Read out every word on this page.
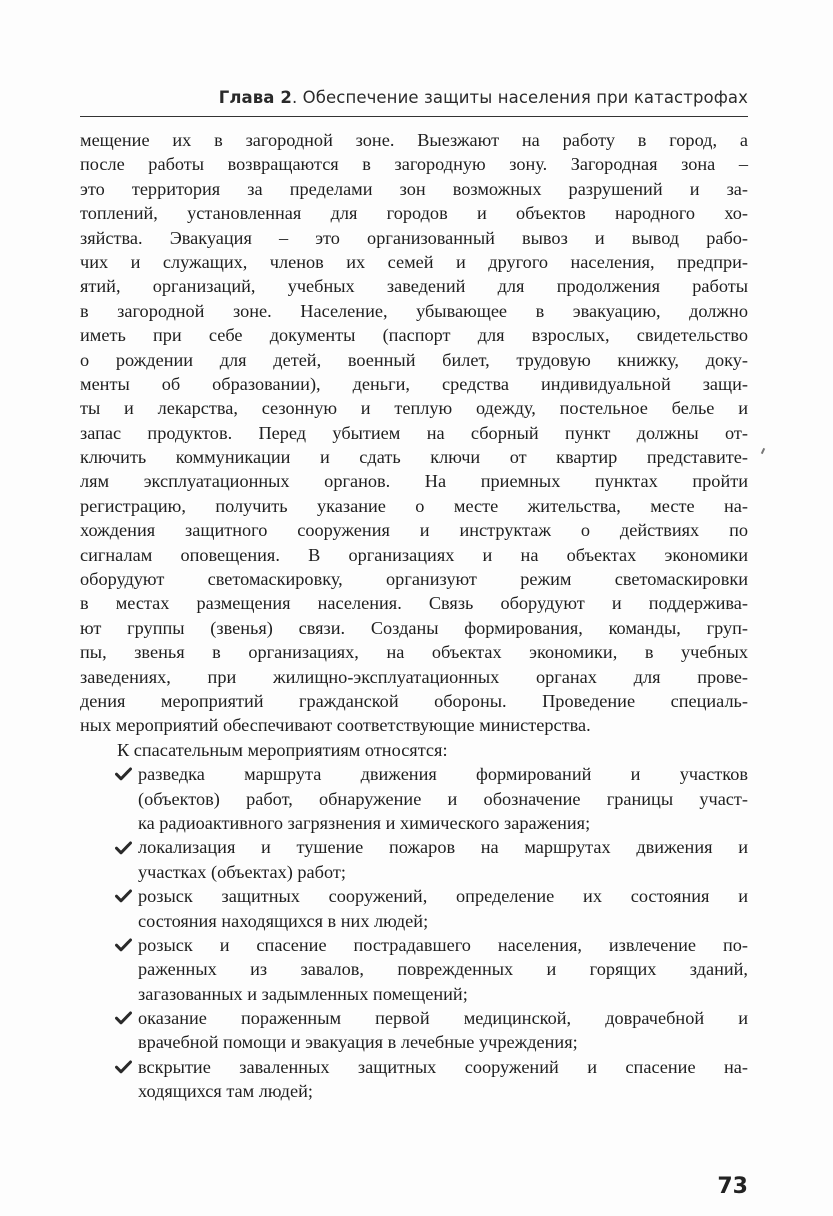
Глава 2. Обеспечение защиты населения при катастрофах
мещение их в загородной зоне. Выезжают на работу в город, а
после работы возвращаются в загородную зону. Загородная зона –
это территория за пределами зон возможных разрушений и за-
топлений, установленная для городов и объектов народного хо-
зяйства. Эвакуация – это организованный вывоз и вывод рабо-
чих и служащих, членов их семей и другого населения, предпри-
ятий, организаций, учебных заведений для продолжения работы
в загородной зоне. Население, убывающее в эвакуацию, должно
иметь при себе документы (паспорт для взрослых, свидетельство
о рождении для детей, военный билет, трудовую книжку, доку-
менты об образовании), деньги, средства индивидуальной защи-
ты и лекарства, сезонную и теплую одежду, постельное белье и
запас продуктов. Перед убытием на сборный пункт должны от-
ключить коммуникации и сдать ключи от квартир представите-
лям эксплуатационных органов. На приемных пунктах пройти
регистрацию, получить указание о месте жительства, месте на-
хождения защитного сооружения и инструктаж о действиях по
сигналам оповещения. В организациях и на объектах экономики
оборудуют светомаскировку, организуют режим светомаскировки
в местах размещения населения. Связь оборудуют и поддержива-
ют группы (звенья) связи. Созданы формирования, команды, груп-
пы, звенья в организациях, на объектах экономики, в учебных
заведениях, при жилищно-эксплуатационных органах для прове-
дения мероприятий гражданской обороны. Проведение специаль-
ных мероприятий обеспечивают соответствующие министерства.
К спасательным мероприятиям относятся:
разведка маршрута движения формирований и участков
(объектов) работ, обнаружение и обозначение границы участ-
ка радиоактивного загрязнения и химического заражения;
локализация и тушение пожаров на маршрутах движения и
участках (объектах) работ;
розыск защитных сооружений, определение их состояния и
состояния находящихся в них людей;
розыск и спасение пострадавшего населения, извлечение по-
раженных из завалов, поврежденных и горящих зданий,
загазованных и задымленных помещений;
оказание пораженным первой медицинской, доврачебной и
врачебной помощи и эвакуация в лечебные учреждения;
вскрытие заваленных защитных сооружений и спасение на-
ходящихся там людей;
73
